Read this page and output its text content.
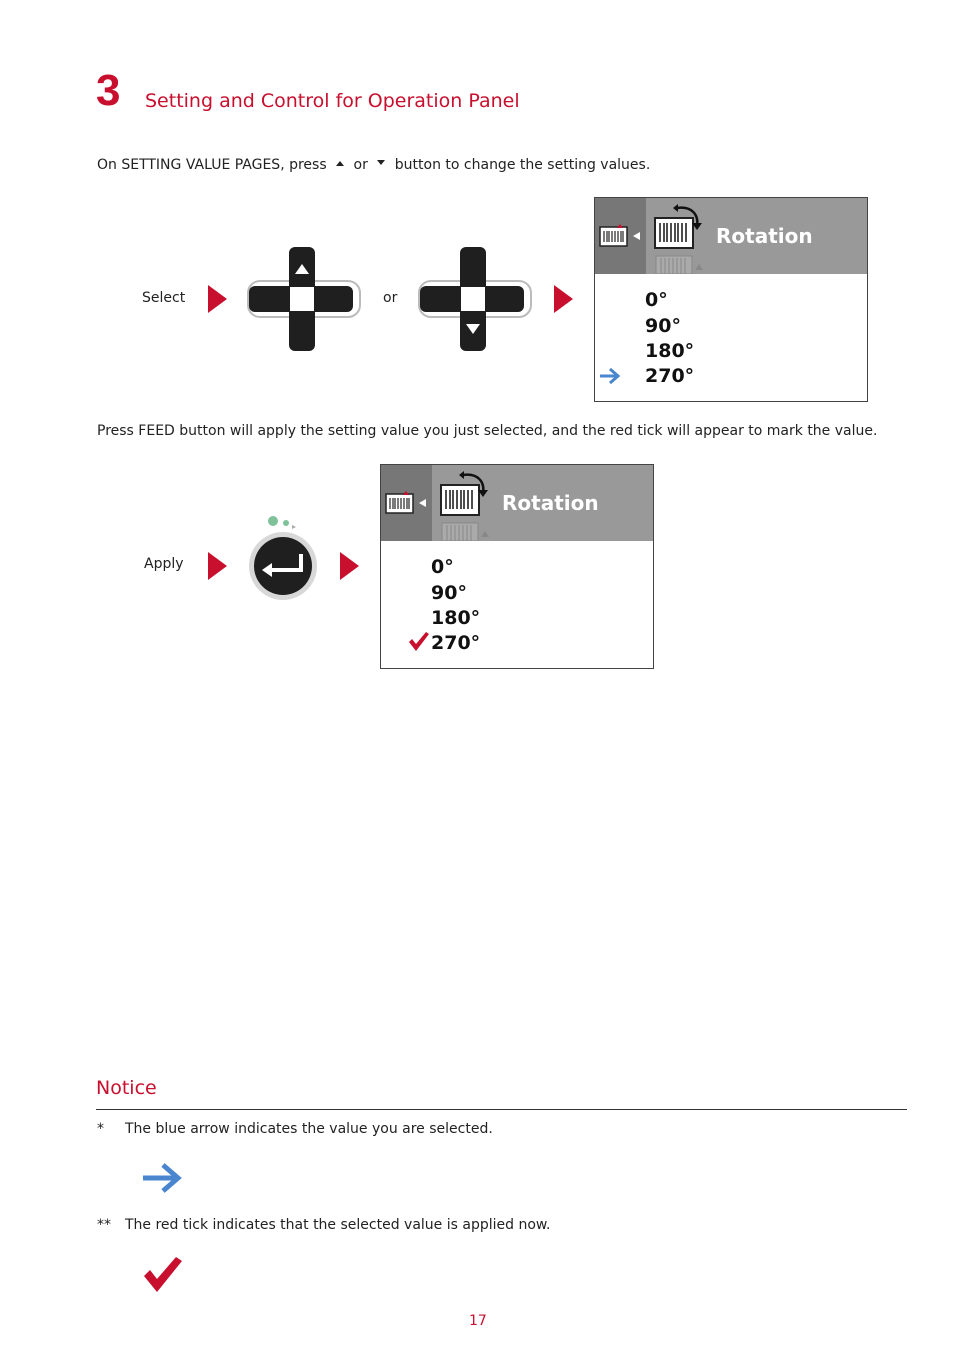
3 Setting and Control for Operation Panel
On SETTING VALUE PAGES, press or button to change the setting values.
Select	or
Rotation
0°
90°
180°
270°
Press FEED button will apply the setting value you just selected, and the red tick will appear to mark the value.
Apply
Rotation
0°
90°
180°
270°
Notice
* The blue arrow indicates the value you are selected.
** The red tick indicates that the selected value is applied now.
17
